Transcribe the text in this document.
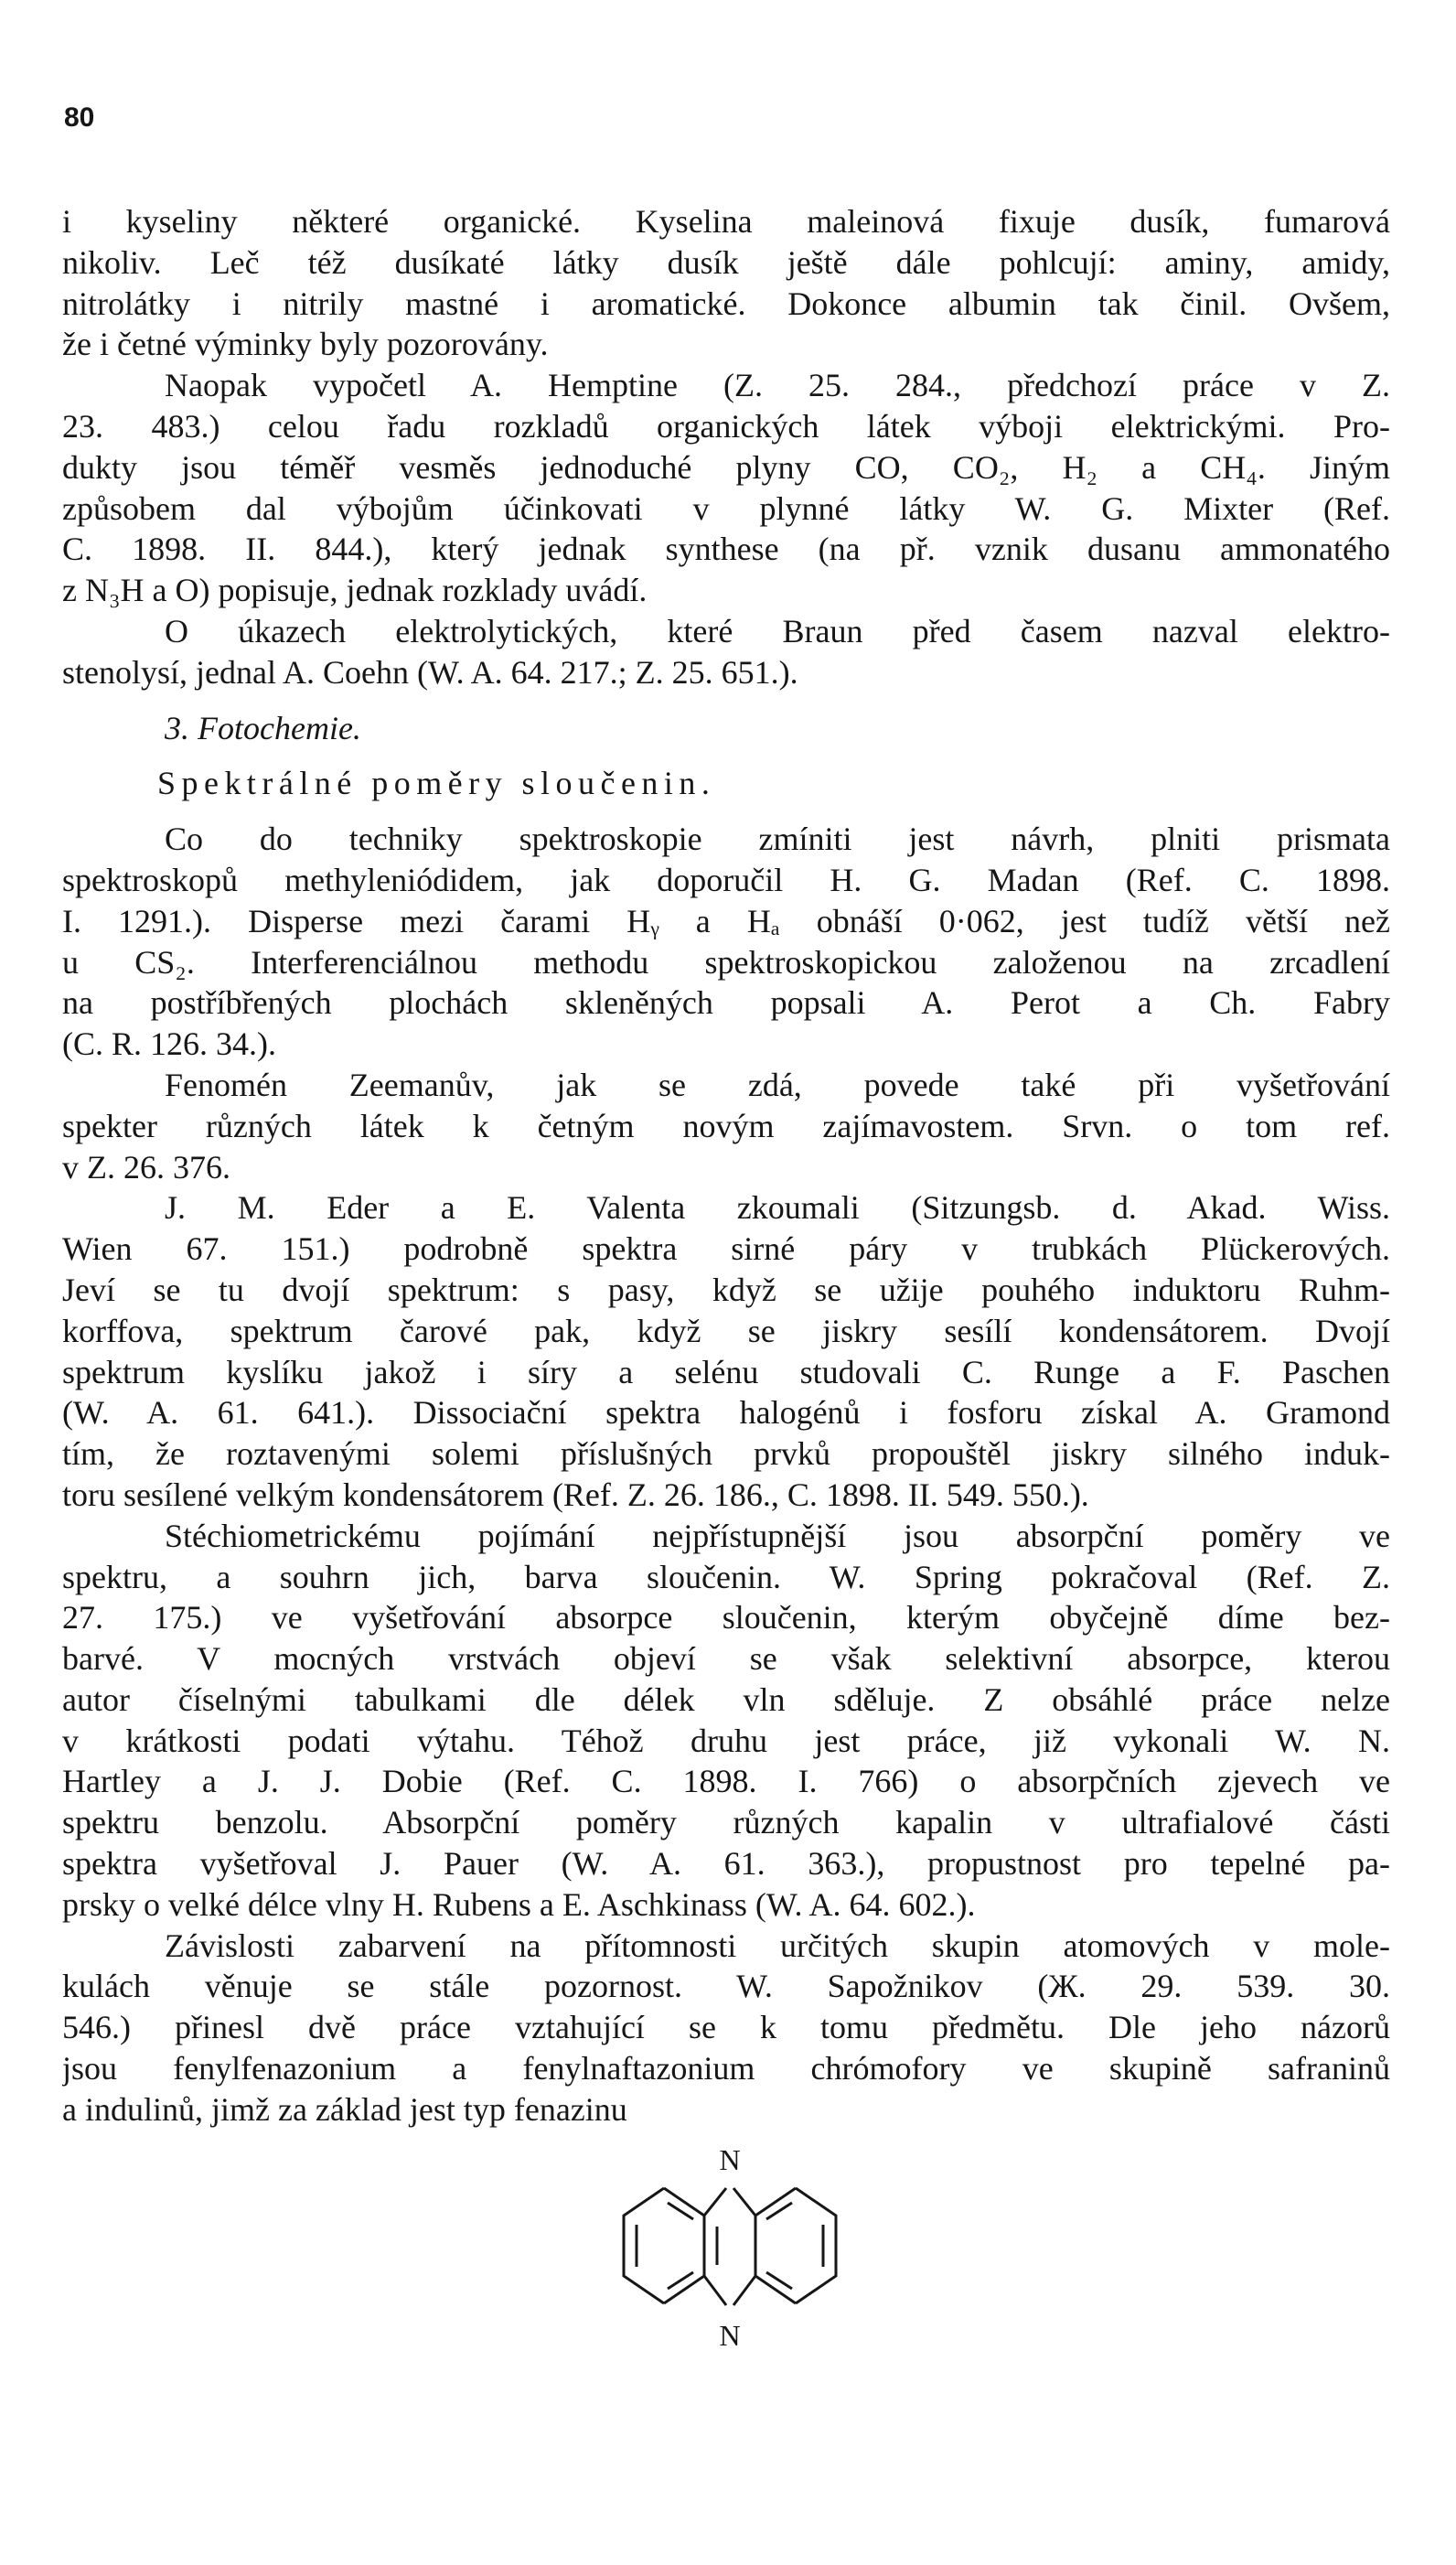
80
i kyseliny některé organické. Kyselina maleinová fixuje dusík, fumarová
nikoliv. Leč též dusíkaté látky dusík ještě dále pohlcují: aminy, amidy,
nitrolátky i nitrily mastné i aromatické. Dokonce albumin tak činil. Ovšem,
že i četné výminky byly pozorovány.
Naopak vypočetl A. Hemptine (Z. 25. 284., předchozí práce v Z.
23. 483.) celou řadu rozkladů organických látek výboji elektrickými. Pro-
dukty jsou téměř vesměs jednoduché plyny CO, CO₂, H₂ a CH₄. Jiným
způsobem dal výbojům účinkovati v plynné látky W. G. Mixter (Ref.
C. 1898. II. 844.), který jednak synthese (na př. vznik dusanu ammonatého
z N₃H a O) popisuje, jednak rozklady uvádí.
O úkazech elektrolytických, které Braun před časem nazval elektro-
stenolysí, jednal A. Coehn (W. A. 64. 217.; Z. 25. 651.).
3. Fotochemie.
Spektrálné poměry sloučenin.
Co do techniky spektroskopie zmíniti jest návrh, plniti prismata
spektroskopů methyleniódidem, jak doporučil H. G. Madan (Ref. C. 1898.
I. 1291.). Disperse mezi čarami Hᵧ a Hₐ obnáší 0·062, jest tudíž větší než
u CS₂. Interferenciálnou methodu spektroskopickou založenou na zrcadlení
na postříbřených plochách skleněných popsali A. Perot a Ch. Fabry
(C. R. 126. 34.).
Fenomén Zeemanův, jak se zdá, povede také při vyšetřování
spekter různých látek k četným novým zajímavostem. Srvn. o tom ref.
v Z. 26. 376.
J. M. Eder a E. Valenta zkoumali (Sitzungsb. d. Akad. Wiss.
Wien 67. 151.) podrobně spektra sirné páry v trubkách Plückerových.
Jeví se tu dvojí spektrum: s pasy, když se užije pouhého induktoru Ruhm-
korffova, spektrum čarové pak, když se jiskry sesílí kondensátorem. Dvojí
spektrum kyslíku jakož i síry a selénu studovali C. Runge a F. Paschen
(W. A. 61. 641.). Dissociační spektra halogénů i fosforu získal A. Gramond
tím, že roztavenými solemi příslušných prvků propouštěl jiskry silného induk-
toru sesílené velkým kondensátorem (Ref. Z. 26. 186., C. 1898. II. 549. 550.).
Stéchiometrickému pojímání nejpřístupnější jsou absorpční poměry ve
spektru, a souhrn jich, barva sloučenin. W. Spring pokračoval (Ref. Z.
27. 175.) ve vyšetřování absorpce sloučenin, kterým obyčejně díme bez-
barvé. V mocných vrstvách objeví se však selektivní absorpce, kterou
autor číselnými tabulkami dle délek vln sděluje. Z obsáhlé práce nelze
v krátkosti podati výtahu. Téhož druhu jest práce, již vykonali W. N.
Hartley a J. J. Dobie (Ref. C. 1898. I. 766) o absorpčních zjevech ve
spektru benzolu. Absorpční poměry různých kapalin v ultrafialové části
spektra vyšetřoval J. Pauer (W. A. 61. 363.), propustnost pro tepelné pa-
prsky o velké délce vlny H. Rubens a E. Aschkinass (W. A. 64. 602.).
Závislosti zabarvení na přítomnosti určitých skupin atomových v mole-
kulách věnuje se stále pozornost. W. Sapožnikov (Ж. 29. 539. 30.
546.) přinesl dvě práce vztahující se k tomu předmětu. Dle jeho názorů
jsou fenylfenazonium a fenylnaftazonium chrómofory ve skupině safraninů
a indulinů, jimž za základ jest typ fenazinu
N
N
